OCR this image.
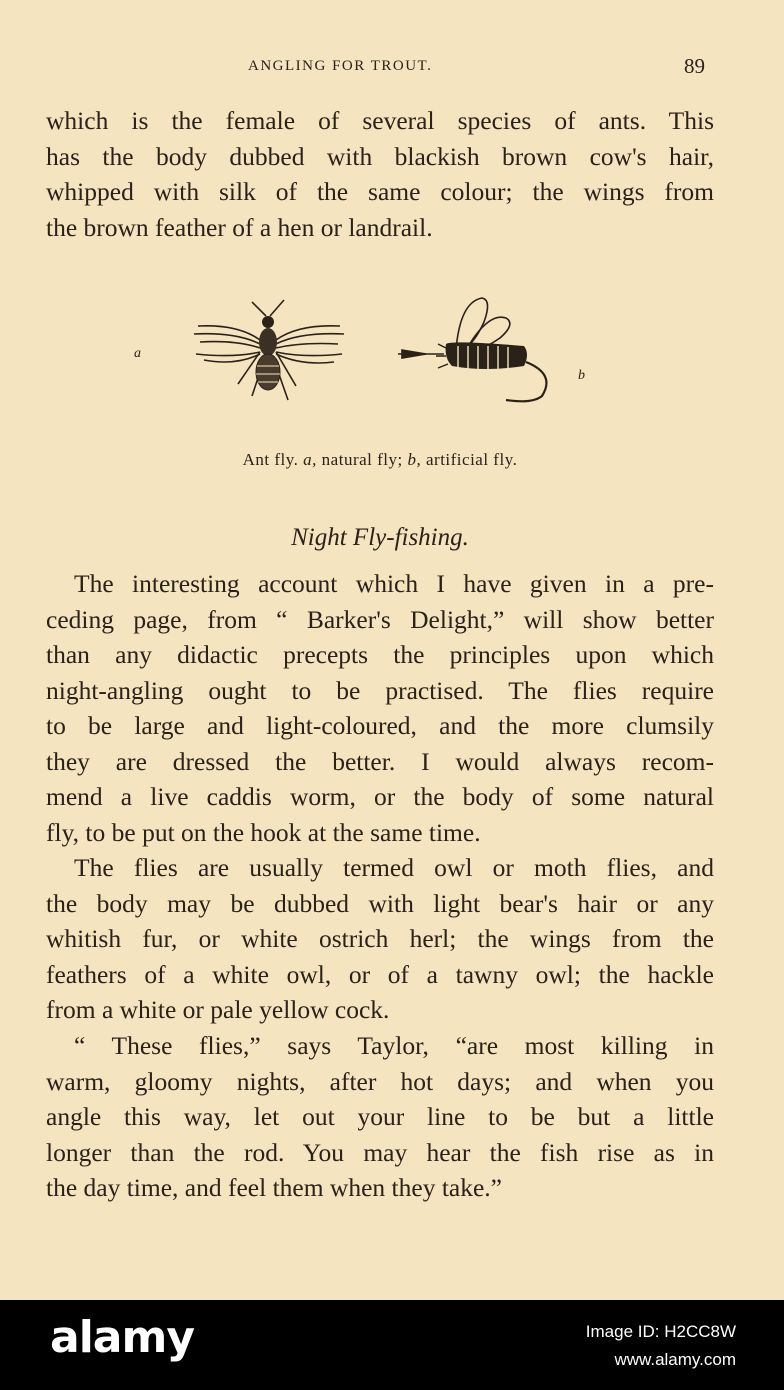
ANGLING FOR TROUT.	89
which is the female of several species of ants. This
has the body dubbed with blackish brown cow's hair,
whipped with silk of the same colour; the wings from
the brown feather of a hen or landrail.
a
b
Ant fly. a, natural fly; b, artificial fly.
Night Fly-fishing.
The interesting account which I have given in a pre-
ceding page, from “ Barker's Delight,” will show better
than any didactic precepts the principles upon which
night-angling ought to be practised. The flies require
to be large and light-coloured, and the more clumsily
they are dressed the better. I would always recom-
mend a live caddis worm, or the body of some natural
fly, to be put on the hook at the same time.
The flies are usually termed owl or moth flies, and
the body may be dubbed with light bear's hair or any
whitish fur, or white ostrich herl; the wings from the
feathers of a white owl, or of a tawny owl; the hackle
from a white or pale yellow cock.
“ These flies,” says Taylor, “are most killing in
warm, gloomy nights, after hot days; and when you
angle this way, let out your line to be but a little
longer than the rod. You may hear the fish rise as in
the day time, and feel them when they take.”
alamy	Image ID: H2CC8W
www.alamy.com
